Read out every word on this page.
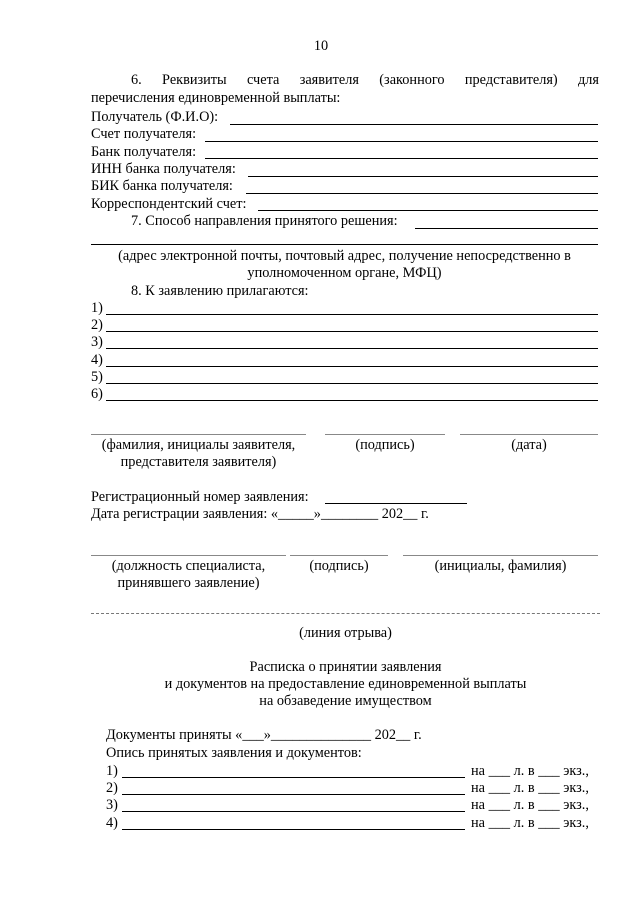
10
6. Реквизиты счета заявителя (законного представителя) для
перечисления единовременной выплаты:
Получатель (Ф.И.О):
Счет получателя:
Банк получателя:
ИНН банка получателя:
БИК банка получателя:
Корреспондентский счет:
7. Способ направления принятого решения:
(адрес электронной почты, почтовый адрес, получение непосредственно в
уполномоченном органе, МФЦ)
8. К заявлению прилагаются:
1)
2)
3)
4)
5)
6)
(фамилия, инициалы заявителя,
представителя заявителя)
(подпись)	(дата)
Регистрационный номер заявления:
Дата регистрации заявления: «_____»________ 202__ г.
(должность специалиста,
принявшего заявление)
(подпись)	(инициалы, фамилия)
(линия отрыва)
Расписка о принятии заявления
и документов на предоставление единовременной выплаты
на обзаведение имуществом
Документы приняты «___»______________ 202__ г.
Опись принятых заявления и документов:
1)	на ___ л. в ___ экз.,
2)	на ___ л. в ___ экз.,
3)	на ___ л. в ___ экз.,
4)	на ___ л. в ___ экз.,
